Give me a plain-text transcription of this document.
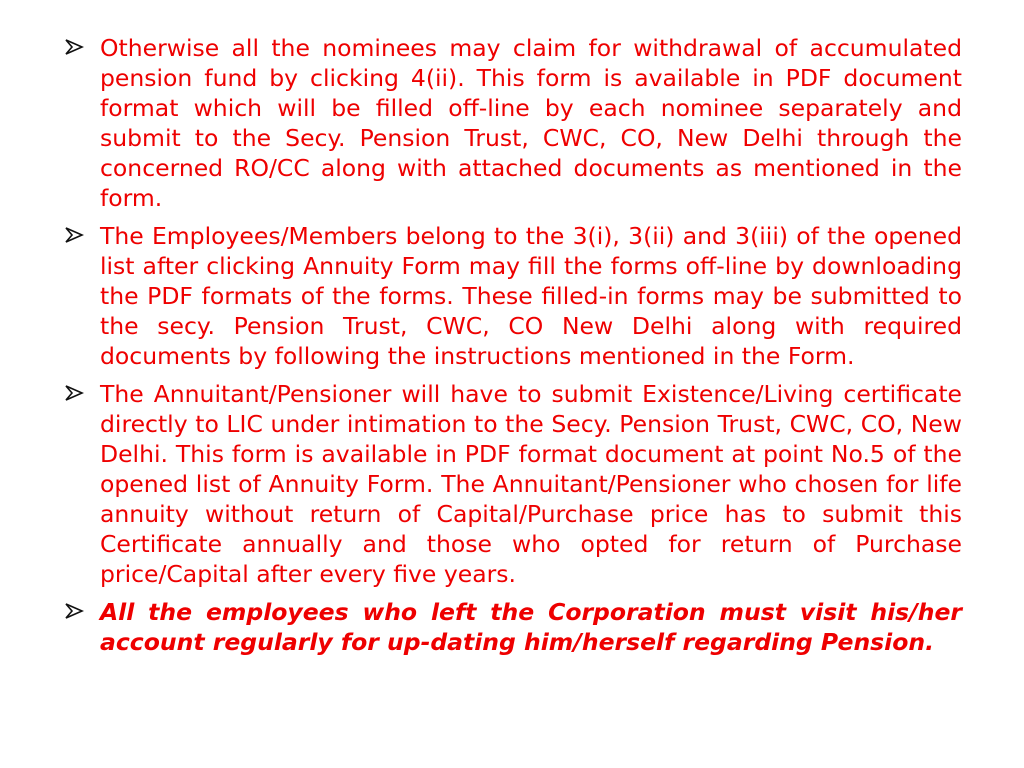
Otherwise all the nominees may claim for withdrawal of accumulated pension fund by clicking 4(ii). This form is available in PDF document format which will be filled off-line by each nominee separately and submit to the Secy. Pension Trust, CWC, CO, New Delhi through the concerned RO/CC along with attached documents as mentioned in the form.
The Employees/Members belong to the 3(i), 3(ii) and 3(iii) of the opened list after clicking Annuity Form may fill the forms off-line by downloading the PDF formats of the forms. These filled-in forms may be submitted to the secy. Pension Trust, CWC, CO New Delhi along with required documents by following the instructions mentioned in the Form.
The Annuitant/Pensioner will have to submit Existence/Living certificate directly to LIC under intimation to the Secy. Pension Trust, CWC, CO, New Delhi. This form is available in PDF format document at point No.5 of the opened list of Annuity Form. The Annuitant/Pensioner who chosen for life annuity without return of Capital/Purchase price has to submit this Certificate annually and those who opted for return of Purchase price/Capital after every five years.
All the employees who left the Corporation must visit his/her account regularly for up-dating him/herself regarding Pension.
